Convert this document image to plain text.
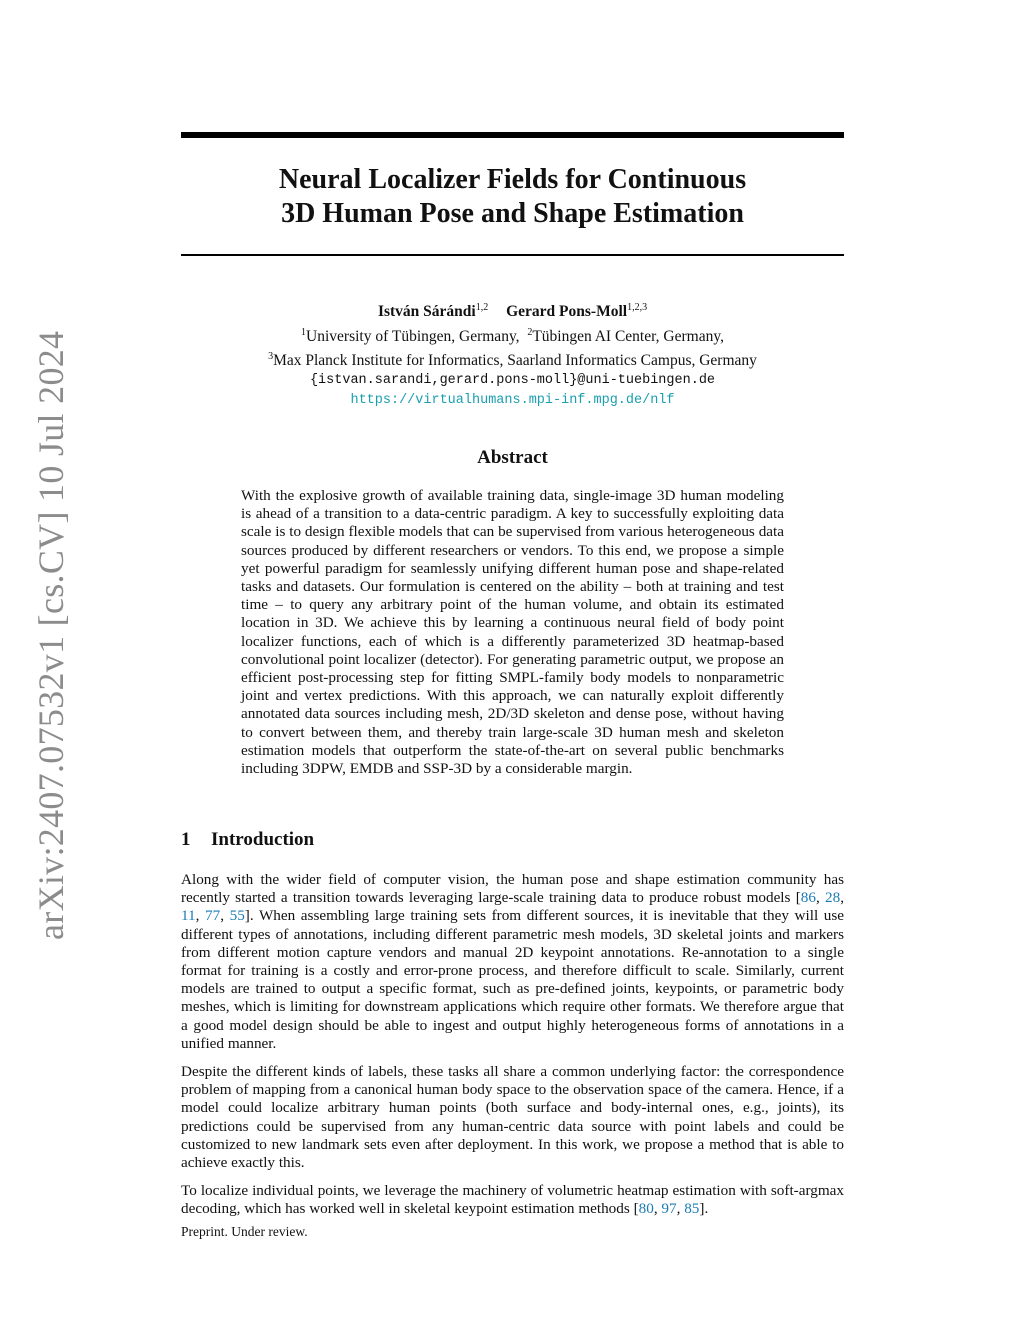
arXiv:2407.07532v1 [cs.CV] 10 Jul 2024
Neural Localizer Fields for Continuous
3D Human Pose and Shape Estimation
István Sárándi$^{1,2}$ Gerard Pons-Moll$^{1,2,3}$
$^1$University of Tübingen, Germany, $^2$Tübingen AI Center, Germany,
$^3$Max Planck Institute for Informatics, Saarland Informatics Campus, Germany
{istvan.sarandi,gerard.pons-moll}@uni-tuebingen.de
https://virtualhumans.mpi-inf.mpg.de/nlf
Abstract
With the explosive growth of available training data, single-image 3D human modeling is ahead of a transition to a data-centric paradigm. A key to successfully exploiting data scale is to design flexible models that can be supervised from various heterogeneous data sources produced by different researchers or vendors. To this end, we propose a simple yet powerful paradigm for seamlessly unifying different human pose and shape-related tasks and datasets. Our formulation is centered on the ability – both at training and test time – to query any arbitrary point of the human volume, and obtain its estimated location in 3D. We achieve this by learning a continuous neural field of body point localizer functions, each of which is a differently parameterized 3D heatmap-based convolutional point localizer (detector). For generating parametric output, we propose an efficient post-processing step for fitting SMPL-family body models to nonparametric joint and vertex predictions. With this approach, we can naturally exploit differently annotated data sources including mesh, 2D/3D skeleton and dense pose, without having to convert between them, and thereby train large-scale 3D human mesh and skeleton estimation models that outperform the state-of-the-art on several public benchmarks including 3DPW, EMDB and SSP-3D by a considerable margin.
1 Introduction

Along with the wider field of computer vision, the human pose and shape estimation community has recently started a transition towards leveraging large-scale training data to produce robust models [86, 28, 11, 77, 55]. When assembling large training sets from different sources, it is inevitable that they will use different types of annotations, including different parametric mesh models, 3D skeletal joints and markers from different motion capture vendors and manual 2D keypoint annotations. Re-annotation to a single format for training is a costly and error-prone process, and therefore difficult to scale. Similarly, current models are trained to output a specific format, such as pre-defined joints, keypoints, or parametric body meshes, which is limiting for downstream applications which require other formats. We therefore argue that a good model design should be able to ingest and output highly heterogeneous forms of annotations in a unified manner.

Despite the different kinds of labels, these tasks all share a common underlying factor: the correspondence problem of mapping from a canonical human body space to the observation space of the camera. Hence, if a model could localize arbitrary human points (both surface and body-internal ones, e.g., joints), its predictions could be supervised from any human-centric data source with point labels and could be customized to new landmark sets even after deployment. In this work, we propose a method that is able to achieve exactly this.

To localize individual points, we leverage the machinery of volumetric heatmap estimation with soft-argmax decoding, which has worked well in skeletal keypoint estimation methods [80, 97, 85].

Preprint. Under review.
